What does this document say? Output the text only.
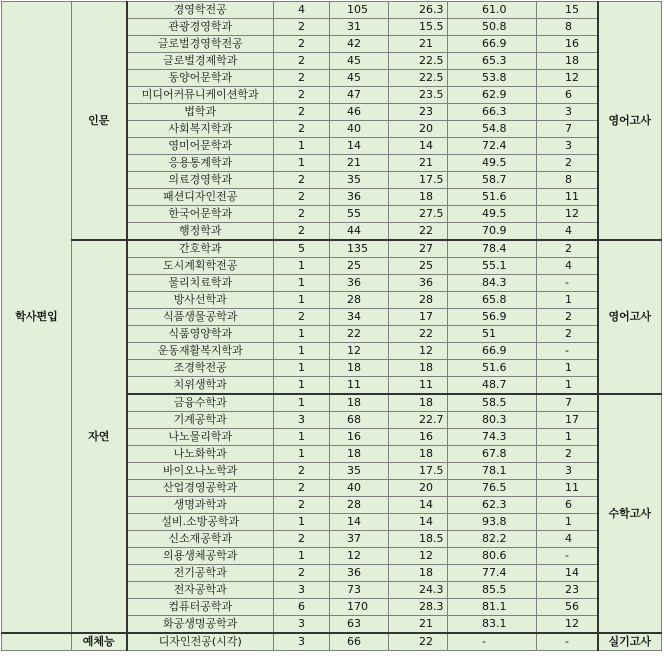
학사편입	인문	경영학전공	4	105	26.3	61.0	15	영어고사
		관광경영학과	2	31	15.5	50.8	8	
		글로벌경영학전공	2	42	21	66.9	16	
		글로벌경제학과	2	45	22.5	65.3	18	
		동양어문학과	2	45	22.5	53.8	12	
		미디어커뮤니케이션학과	2	47	23.5	62.9	6	
		법학과	2	46	23	66.3	3	
		사회복지학과	2	40	20	54.8	7	
		영미어문학과	1	14	14	72.4	3	
		응용통계학과	1	21	21	49.5	2	
		의료경영학과	2	35	17.5	58.7	8	
		패션디자인전공	2	36	18	51.6	11	
		한국어문학과	2	55	27.5	49.5	12	
		행정학과	2	44	22	70.9	4	
	자연	간호학과	5	135	27	78.4	2	영어고사
		도시계획학전공	1	25	25	55.1	4	
		물리치료학과	1	36	36	84.3	-	
		방사선학과	1	28	28	65.8	1	
		식품생물공학과	2	34	17	56.9	2	
		식품영양학과	1	22	22	51	2	
		운동재활복지학과	1	12	12	66.9	-	
		조경학전공	1	18	18	51.6	1	
		치위생학과	1	11	11	48.7	1	
		금융수학과	1	18	18	58.5	7	수학고사
		기계공학과	3	68	22.7	80.3	17	
		나노물리학과	1	16	16	74.3	1	
		나노화학과	1	18	18	67.8	2	
		바이오나노학과	2	35	17.5	78.1	3	
		산업경영공학과	2	40	20	76.5	11	
		생명과학과	2	28	14	62.3	6	
		설비.소방공학과	1	14	14	93.8	1	
		신소재공학과	2	37	18.5	82.2	4	
		의용생체공학과	1	12	12	80.6	-	
		전기공학과	2	36	18	77.4	14	
		전자공학과	3	73	24.3	85.5	23	
		컴퓨터공학과	6	170	28.3	81.1	56	
		화공생명공학과	3	63	21	83.1	12	
	예체능	디자인전공(시각)	3	66	22	-	-	실기고사
